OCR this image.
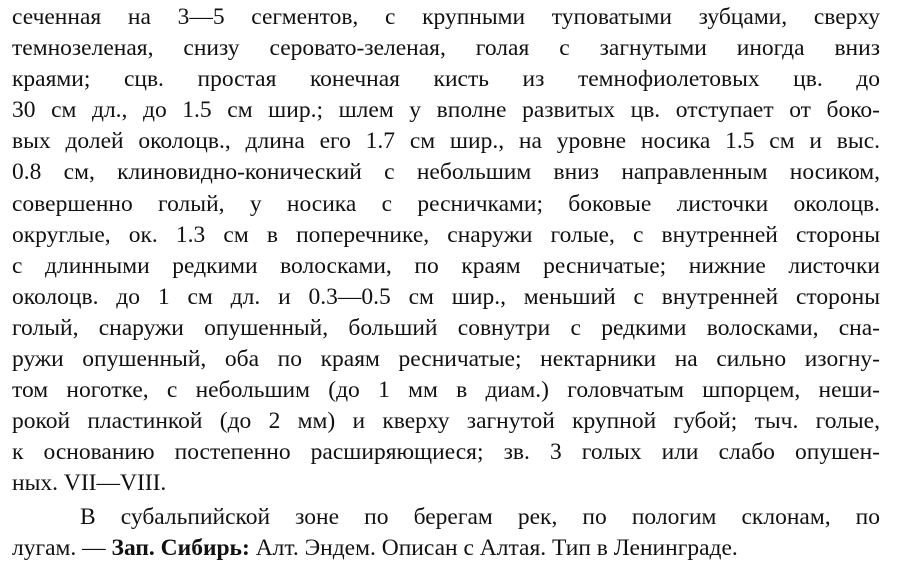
сеченная на 3—5 сегментов, с крупными туповатыми зубцами, сверху
темнозеленая, снизу серовато-зеленая, голая с загнутыми иногда вниз
краями; сцв. простая конечная кисть из темнофиолетовых цв. до
30 см дл., до 1.5 см шир.; шлем у вполне развитых цв. отступает от боко-
вых долей околоцв., длина его 1.7 см шир., на уровне носика 1.5 см и выс.
0.8 см, клиновидно-конический с небольшим вниз направленным носиком,
совершенно голый, у носика с ресничками; боковые листочки околоцв.
округлые, ок. 1.3 см в поперечнике, снаружи голые, с внутренней стороны
с длинными редкими волосками, по краям ресничатые; нижние листочки
околоцв. до 1 см дл. и 0.3—0.5 см шир., меньший с внутренней стороны
голый, снаружи опушенный, больший совнутри с редкими волосками, сна-
ружи опушенный, оба по краям ресничатые; нектарники на сильно изогну-
том ноготке, с небольшим (до 1 мм в диам.) головчатым шпорцем, неши-
рокой пластинкой (до 2 мм) и кверху загнутой крупной губой; тыч. голые,
к основанию постепенно расширяющиеся; зв. 3 голых или слабо опушен-
ных. VII—VIII.
В субальпийской зоне по берегам рек, по пологим склонам, по
лугам. — Зап. Сибирь: Алт. Эндем. Описан с Алтая. Тип в Ленинграде.
